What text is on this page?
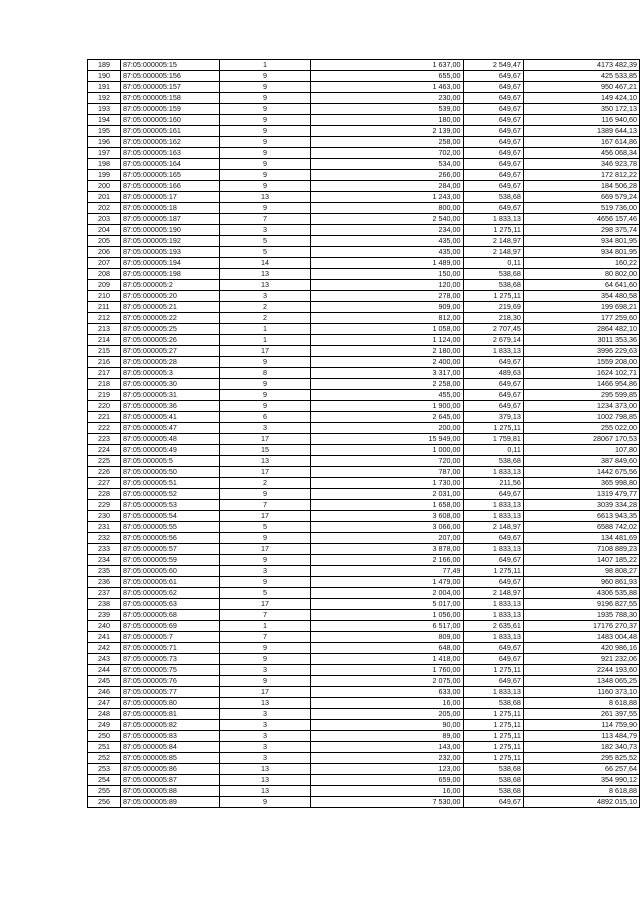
189	87:05:000005:15	1	1 637,00	2 549,47	4173 482,39
190	87:05:000005:156	9	655,00	649,67	425 533,85
191	87:05:000005:157	9	1 463,00	649,67	950 467,21
192	87:05:000005:158	9	230,00	649,67	149 424,10
193	87:05:000005:159	9	539,00	649,67	350 172,13
194	87:05:000005:160	9	180,00	649,67	116 940,60
195	87:05:000005:161	9	2 139,00	649,67	1389 644,13
196	87:05:000005:162	9	258,00	649,67	167 614,86
197	87:05:000005:163	9	702,00	649,67	456 068,34
198	87:05:000005:164	9	534,00	649,67	346 923,78
199	87:05:000005:165	9	266,00	649,67	172 812,22
200	87:05:000005:166	9	284,00	649,67	184 506,28
201	87:05:000005:17	13	1 243,00	538,68	669 579,24
202	87:05:000005:18	9	800,00	649,67	519 736,00
203	87:05:000005:187	7	2 540,00	1 833,13	4656 157,46
204	87:05:000005:190	3	234,00	1 275,11	298 375,74
205	87:05:000005:192	5	435,00	2 148,97	934 801,95
206	87:05:000005:193	5	435,00	2 148,97	934 801,95
207	87:05:000005:194	14	1 489,00	0,11	160,22
208	87:05:000005:198	13	150,00	538,68	80 802,00
209	87:05:000005:2	13	120,00	538,68	64 641,60
210	87:05:000005:20	3	278,00	1 275,11	354 480,58
211	87:05:000005:21	2	909,00	219,69	199 698,21
212	87:05:000005:22	2	812,00	218,30	177 259,60
213	87:05:000005:25	1	1 058,00	2 707,45	2864 482,10
214	87:05:000005:26	1	1 124,00	2 679,14	3011 353,36
215	87:05:000005:27	17	2 180,00	1 833,13	3996 229,63
216	87:05:000005:28	9	2 400,00	649,67	1559 208,00
217	87:05:000005:3	8	3 317,00	489,63	1624 102,71
218	87:05:000005:30	9	2 258,00	649,67	1466 954,86
219	87:05:000005:31	9	455,00	649,67	295 599,85
220	87:05:000005:36	9	1 900,00	649,67	1234 373,00
221	87:05:000005:41	6	2 645,00	379,13	1002 798,85
222	87:05:000005:47	3	200,00	1 275,11	255 022,00
223	87:05:000005:48	17	15 949,00	1 759,81	28067 170,53
224	87:05:000005:49	15	1 000,00	0,11	107,80
225	87:05:000005:5	13	720,00	538,68	387 849,60
226	87:05:000005:50	17	787,00	1 833,13	1442 675,56
227	87:05:000005:51	2	1 730,00	211,56	365 998,80
228	87:05:000005:52	9	2 031,00	649,67	1319 479,77
229	87:05:000005:53	7	1 658,00	1 833,13	3039 334,28
230	87:05:000005:54	17	3 608,00	1 833,13	6613 943,35
231	87:05:000005:55	5	3 066,00	2 148,97	6588 742,02
232	87:05:000005:56	9	207,00	649,67	134 481,69
233	87:05:000005:57	17	3 878,00	1 833,13	7108 889,23
234	87:05:000005:59	9	2 166,00	649,67	1407 185,22
235	87:05:000005:60	3	77,49	1 275,11	98 808,27
236	87:05:000005:61	9	1 479,00	649,67	960 861,93
237	87:05:000005:62	5	2 004,00	2 148,97	4306 535,88
238	87:05:000005:63	17	5 017,00	1 833,13	9196 827,55
239	87:05:000005:68	7	1 056,00	1 833,13	1935 788,30
240	87:05:000005:69	1	6 517,00	2 635,61	17176 270,37
241	87:05:000005:7	7	809,00	1 833,13	1483 004,48
242	87:05:000005:71	9	648,00	649,67	420 986,16
243	87:05:000005:73	9	1 418,00	649,67	921 232,06
244	87:05:000005:75	3	1 760,00	1 275,11	2244 193,60
245	87:05:000005:76	9	2 075,00	649,67	1348 065,25
246	87:05:000005:77	17	633,00	1 833,13	1160 373,10
247	87:05:000005:80	13	16,00	538,68	8 618,88
248	87:05:000005:81	3	205,00	1 275,11	261 397,55
249	87:05:000005:82	3	90,00	1 275,11	114 759,90
250	87:05:000005:83	3	89,00	1 275,11	113 484,79
251	87:05:000005:84	3	143,00	1 275,11	182 340,73
252	87:05:000005:85	3	232,00	1 275,11	295 825,52
253	87:05:000005:86	13	123,00	538,68	66 257,64
254	87:05:000005:87	13	659,00	538,68	354 990,12
255	87:05:000005:88	13	16,00	538,68	8 618,88
256	87:05:000005:89	9	7 530,00	649,67	4892 015,10
